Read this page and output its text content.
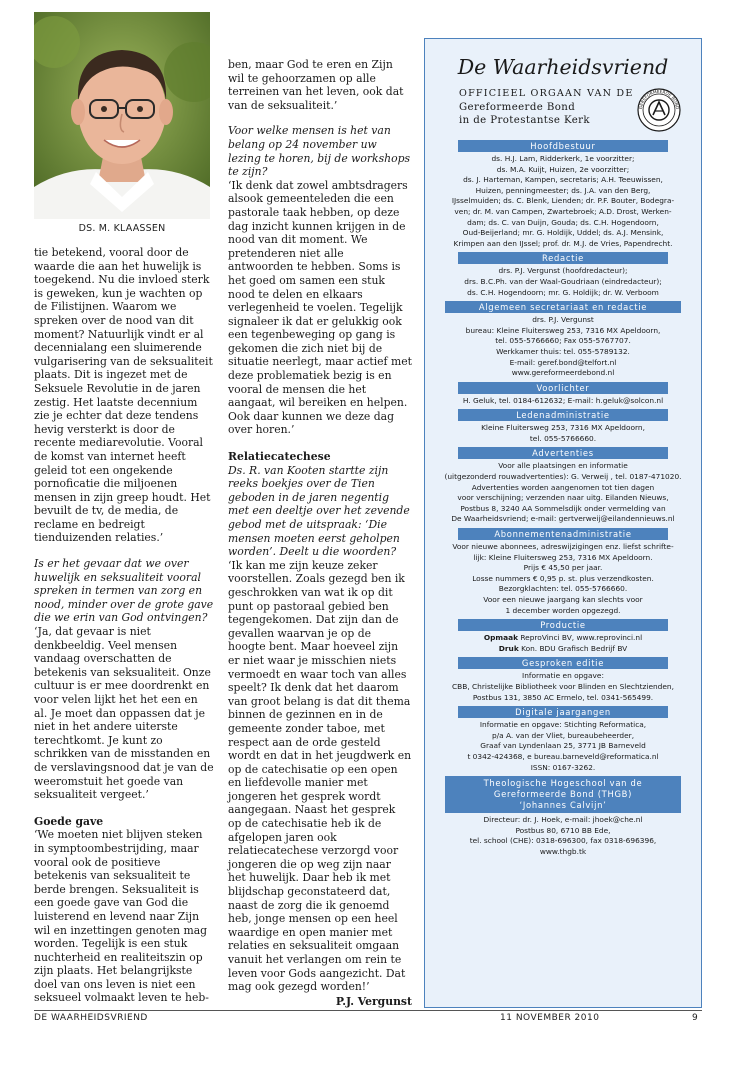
DS. M. KLAASSEN

tie betekend, vooral door de waarde die aan het huwelijk is toegekend. Nu die invloed sterk is geweken, kun je wachten op de Filistijnen. Waarom we spreken over de nood van dit moment? Natuurlijk vindt er al decennialang een sluimerende vulgarisering van de seksualiteit plaats. Dit is ingezet met de Seksuele Revolutie in de jaren zestig. Het laatste decennium zie je echter dat deze tendens hevig versterkt is door de recente mediarevolutie. Vooral de komst van internet heeft geleid tot een ongekende pornoficatie die miljoenen mensen in zijn greep houdt. Het bevuilt de tv, de media, de reclame en bedreigt tienduizenden relaties.’

Is er het gevaar dat we over huwelijk en seksualiteit vooral spreken in termen van zorg en nood, minder over de grote gave die we erin van God ontvingen?

‘Ja, dat gevaar is niet denkbeeldig. Veel mensen vandaag overschatten de betekenis van seksualiteit. Onze cultuur is er mee doordrenkt en voor velen lijkt het het een en al. Je moet dan oppassen dat je niet in het andere uiterste terechtkomt. Je kunt zo schrikken van de misstanden en de verslavingsnood dat je van de weeromstuit het goede van seksualiteit vergeet.’

Goede gave

‘We moeten niet blijven steken in symptoombestrijding, maar vooral ook de positieve betekenis van seksualiteit te berde brengen. Seksualiteit is een goede gave van God die luisterend en levend naar Zijn wil en inzettingen genoten mag worden. Tegelijk is een stuk nuchterheid en realiteitszin op zijn plaats. Het belangrijkste doel van ons leven is niet een seksueel volmaakt leven te heb-

ben, maar God te eren en Zijn wil te gehoorzamen op alle terreinen van het leven, ook dat van de seksualiteit.’

Voor welke mensen is het van belang op 24 november uw lezing te horen, bij de workshops te zijn?

‘Ik denk dat zowel ambtsdragers alsook gemeenteleden die een pastorale taak hebben, op deze dag inzicht kunnen krijgen in de nood van dit moment. We pretenderen niet alle antwoorden te hebben. Soms is het goed om samen een stuk nood te delen en elkaars verlegenheid te voelen. Tegelijk signaleer ik dat er gelukkig ook een tegenbeweging op gang is gekomen die zich niet bij de situatie neerlegt, maar actief met deze problematiek bezig is en vooral de mensen die het aangaat, wil bereiken en helpen. Ook daar kunnen we deze dag over horen.’

Relatiecatechese

Ds. R. van Kooten startte zijn reeks boekjes over de Tien geboden in de jaren negentig met een deeltje over het zevende gebod met de uitspraak: ‘Die mensen moeten eerst geholpen worden’. Deelt u die woorden?

‘Ik kan me zijn keuze zeker voorstellen. Zoals gezegd ben ik geschrokken van wat ik op dit punt op pastoraal gebied ben tegengekomen. Dat zijn dan de gevallen waarvan je op de hoogte bent. Maar hoeveel zijn er niet waar je misschien niets vermoedt en waar toch van alles speelt? Ik denk dat het daarom van groot belang is dat dit thema binnen de gezinnen en in de gemeente zonder taboe, met respect aan de orde gesteld wordt en dat in het jeugdwerk en op de catechisatie op een open en liefdevolle manier met jongeren het gesprek wordt aangegaan. Naast het gesprek op de catechisatie heb ik de afgelopen jaren ook relatiecatechese verzorgd voor jongeren die op weg zijn naar het huwelijk. Daar heb ik met blijdschap geconstateerd dat, naast de zorg die ik genoemd heb, jonge mensen op een heel waardige en open manier met relaties en seksualiteit omgaan vanuit het verlangen om rein te leven voor Gods aangezicht. Dat mag ook gezegd worden!’

P.J. Vergunst

De Waarheidsvriend
OFFICIEEL ORGAAN VAN DE
Gereformeerde Bond
in de Protestantse Kerk
GEREFORMEERDE BOND
Hoofdbestuur
ds. H.J. Lam, Ridderkerk, 1e voorzitter;
ds. M.A. Kuijt, Huizen, 2e voorzitter;
ds. J. Harteman, Kampen, secretaris; A.H. Teeuwissen,
Huizen, penningmeester; ds. J.A. van den Berg,
IJsselmuiden; ds. C. Blenk, Lienden; dr. P.F. Bouter, Bodegra-
ven; dr. M. van Campen, Zwartebroek; A.D. Drost, Werken-
dam; ds. C. van Duijn, Gouda; ds. C.H. Hogendoorn,
Oud-Beijerland; mr. G. Holdijk, Uddel; ds. A.J. Mensink,
Krimpen aan den IJssel; prof. dr. M.J. de Vries, Papendrecht.
Redactie
drs. P.J. Vergunst (hoofdredacteur);
drs. B.C.Ph. van der Waal-Goudriaan (eindredacteur);
ds. C.H. Hogendoorn; mr. G. Holdijk; dr. W. Verboom
Algemeen secretariaat en redactie
drs. P.J. Vergunst
bureau: Kleine Fluitersweg 253, 7316 MX Apeldoorn,
tel. 055-5766660; Fax 055-5767707.
Werkkamer thuis: tel. 055-5789132.
E-mail: geref.bond@telfort.nl
www.gereformeerdebond.nl
Voorlichter
H. Geluk, tel. 0184-612632; E-mail: h.geluk@solcon.nl
Ledenadministratie
Kleine Fluitersweg 253, 7316 MX Apeldoorn,
tel. 055-5766660.
Advertenties
Voor alle plaatsingen en informatie
(uitgezonderd rouwadvertenties): G. Verweij , tel. 0187-471020.
Advertenties worden aangenomen tot tien dagen
voor verschijning; verzenden naar uitg. Eilanden Nieuws,
Postbus 8, 3240 AA Sommelsdijk onder vermelding van
De Waarheidsvriend; e-mail: gertverweij@eilandennieuws.nl
Abonnementenadministratie
Voor nieuwe abonnees, adreswijzigingen enz. liefst schrifte-
lijk: Kleine Fluitersweg 253, 7316 MX Apeldoorn.
Prijs € 45,50 per jaar.
Losse nummers € 0,95 p. st. plus verzendkosten.
Bezorgklachten: tel. 055-5766660.
Voor een nieuwe jaargang kan slechts voor
1 december worden opgezegd.
Productie
Opmaak ReproVinci BV, www.reprovinci.nl
Druk Kon. BDU Grafisch Bedrijf BV
Gesproken editie
Informatie en opgave:
CBB, Christelijke Bibliotheek voor Blinden en Slechtzienden,
Postbus 131, 3850 AC Ermelo, tel. 0341-565499.
Digitale jaargangen
Informatie en opgave: Stichting Reformatica,
p/a A. van der Vliet, bureaubeheerder,
Graaf van Lyndenlaan 25, 3771 JB Barneveld
t 0342-424368, e bureau.barneveld@reformatica.nl
ISSN: 0167-3262.
Theologische Hogeschool van de
Gereformeerde Bond (THGB)
‘Johannes Calvijn’
Directeur: dr. J. Hoek, e-mail: jhoek@che.nl
Postbus 80, 6710 BB Ede,
tel. school (CHE): 0318-696300, fax 0318-696396,
www.thgb.tk
DE WAARHEIDSVRIEND	11 NOVEMBER 2010	9
